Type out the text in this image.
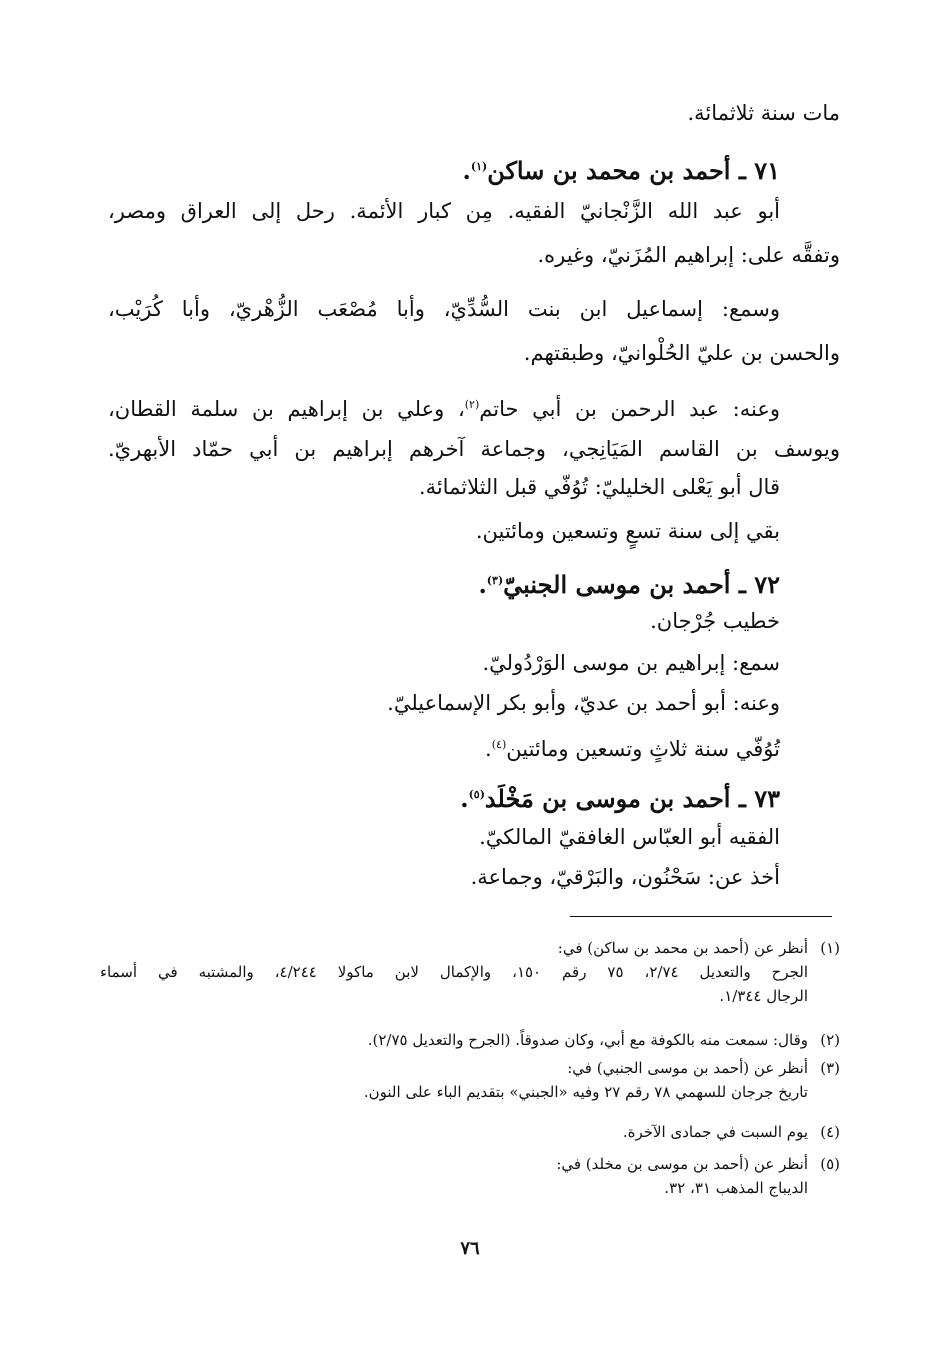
مات سنة ثلاثمائة.
٧١ ـ أحمد بن محمد بن ساكن$^{(١)}$.
أبو عبد الله الزَّنْجانيّ الفقيه. مِن كبار الأئمة. رحل إلى العراق ومصر،
وتفقَّه على: إبراهيم المُزَنيّ، وغيره.
وسمع: إسماعيل ابن بنت السُّدِّيّ، وأبا مُصْعَب الزُّهْريّ، وأبا كُرَيْب،
والحسن بن عليّ الحُلْوانيّ، وطبقتهم.
وعنه: عبد الرحمن بن أبي حاتم$^{(٢)}$، وعلي بن إبراهيم بن سلمة القطان،
ويوسف بن القاسم المَيَانِجي، وجماعة آخرهم إبراهيم بن أبي حمّاد الأبهريّ.
قال أبو يَعْلى الخليليّ: تُوُفّي قبل الثلاثمائة.
بقي إلى سنة تسعٍ وتسعين ومائتين.
٧٢ ـ أحمد بن موسى الجنبيّ$^{(٣)}$.
خطيب جُرْجان.
سمع: إبراهيم بن موسى الوَرْدُوليّ.
وعنه: أبو أحمد بن عديّ، وأبو بكر الإسماعيليّ.
تُوُفّي سنة ثلاثٍ وتسعين ومائتين$^{(٤)}$.
٧٣ ـ أحمد بن موسى بن مَخْلَد$^{(٥)}$.
الفقيه أبو العبّاس الغافقيّ المالكيّ.
أخذ عن: سَحْنُون، والبَرْقيّ، وجماعة.
(١)أنظر عن (أحمد بن محمد بن ساكن) في:
الجرح والتعديل ٢/٧٤، ٧٥ رقم ١٥٠، والإكمال لابن ماكولا ٤/٢٤٤، والمشتبه في أسماء
الرجال ١/٣٤٤.
(٢)وقال: سمعت منه بالكوفة مع أبي، وكان صدوقاً. (الجرح والتعديل ٢/٧٥).
(٣)أنظر عن (أحمد بن موسى الجنبي) في:
تاريخ جرجان للسهمي ٧٨ رقم ٢٧ وفيه «الجبني» بتقديم الباء على النون.
(٤)يوم السبت في جمادى الآخرة.
(٥)أنظر عن (أحمد بن موسى بن مخلد) في:
الديباج المذهب ٣١، ٣٢.
٧٦
